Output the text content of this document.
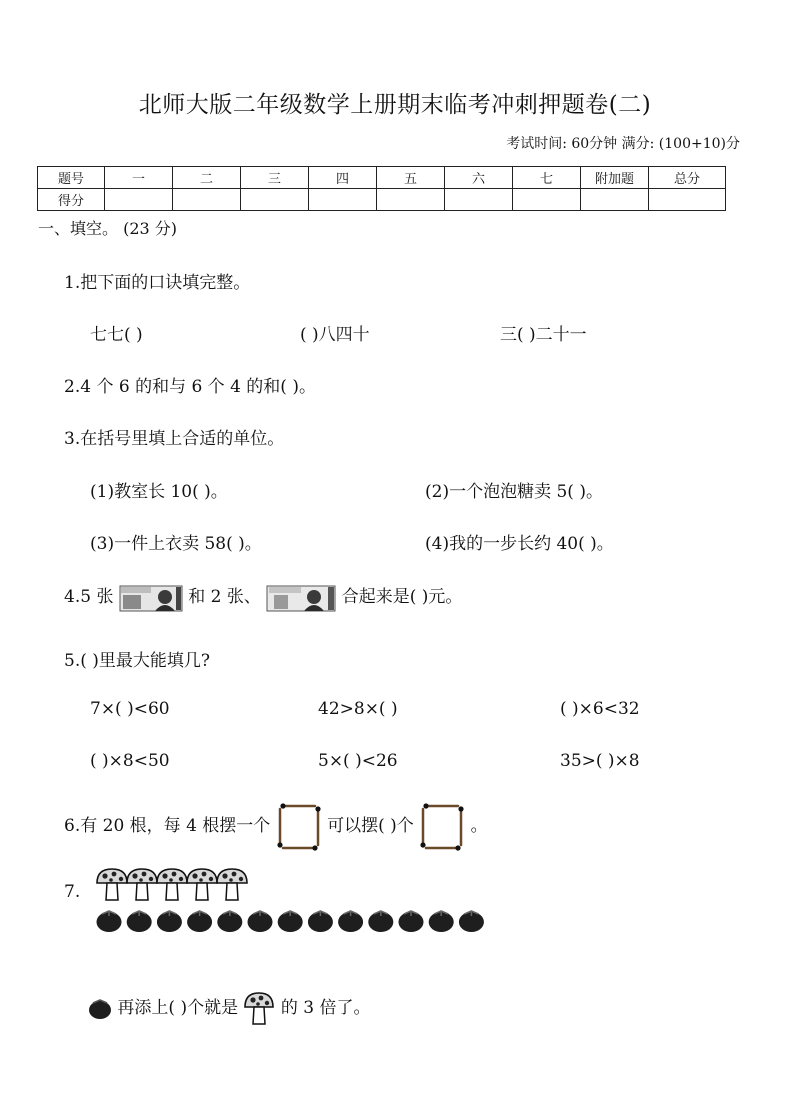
北师大版二年级数学上册期末临考冲刺押题卷(二)
考试时间: 60分钟 满分: (100+10)分
题号	一	二	三	四	五	六	七	附加题	总分
得分									
一、填空。 (23 分)
1.把下面的口诀填完整。
七七( )	( )八四十	三( )二十一
2.4 个 6 的和与 6 个 4 的和( )。
3.在括号里填上合适的单位。
(1)教室长 10( )。	(2)一个泡泡糖卖 5( )。
(3)一件上衣卖 58( )。	(4)我的一步长约 40( )。
4.5 张	和 2 张、	合起来是( )元。
5.( )里最大能填几?
7×( )<60	42>8×( )	( )×6<32
( )×8<50	5×( )<26	35>( )×8
6.有 20 根，每 4 根摆一个	可以摆( )个	。
7.
再添上( )个就是	的 3 倍了。
